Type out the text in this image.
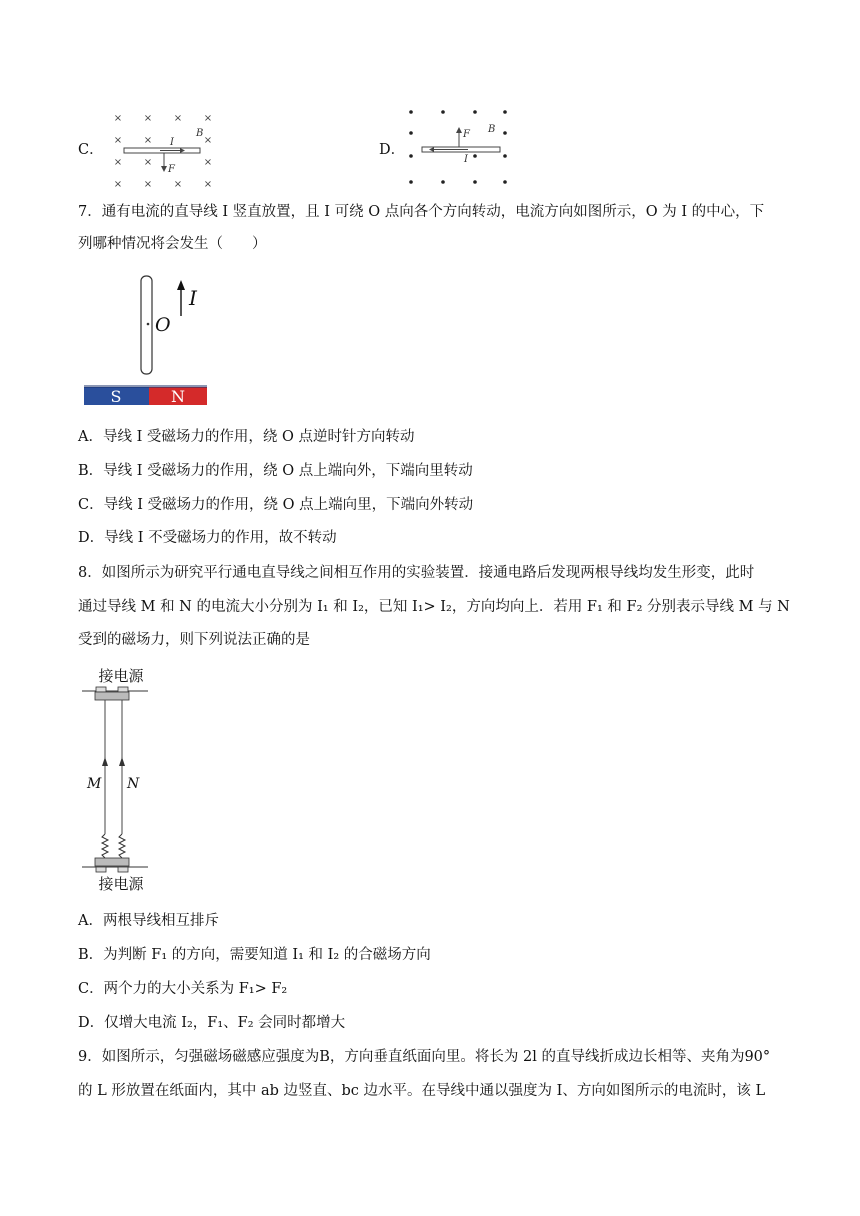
C．
× × × ×
× ×	×
× ×	×
× × × ×
I
B
F
D．
F B
I
7．通有电流的直导线 I 竖直放置，且 I 可绕 O 点向各个方向转动，电流方向如图所示，O 为 I 的中心，下
列哪种情况将会发生（　　）
O
I
S	N
A．导线 I 受磁场力的作用，绕 O 点逆时针方向转动
B．导线 I 受磁场力的作用，绕 O 点上端向外，下端向里转动
C．导线 I 受磁场力的作用，绕 O 点上端向里，下端向外转动
D．导线 I 不受磁场力的作用，故不转动
8．如图所示为研究平行通电直导线之间相互作用的实验装置．接通电路后发现两根导线均发生形变，此时
通过导线 M 和 N 的电流大小分别为 I₁ 和 I₂，已知 I₁> I₂，方向均向上．若用 F₁ 和 F₂ 分别表示导线 M 与 N
受到的磁场力，则下列说法正确的是
接电源
M N
接电源
A．两根导线相互排斥
B．为判断 F₁ 的方向，需要知道 I₁ 和 I₂ 的合磁场方向
C．两个力的大小关系为 F₁> F₂
D．仅增大电流 I₂，F₁、F₂ 会同时都增大
9．如图所示，匀强磁场磁感应强度为B，方向垂直纸面向里。将长为 2l 的直导线折成边长相等、夹角为90°
的 L 形放置在纸面内，其中 ab 边竖直、bc 边水平。在导线中通以强度为 I、方向如图所示的电流时，该 L
